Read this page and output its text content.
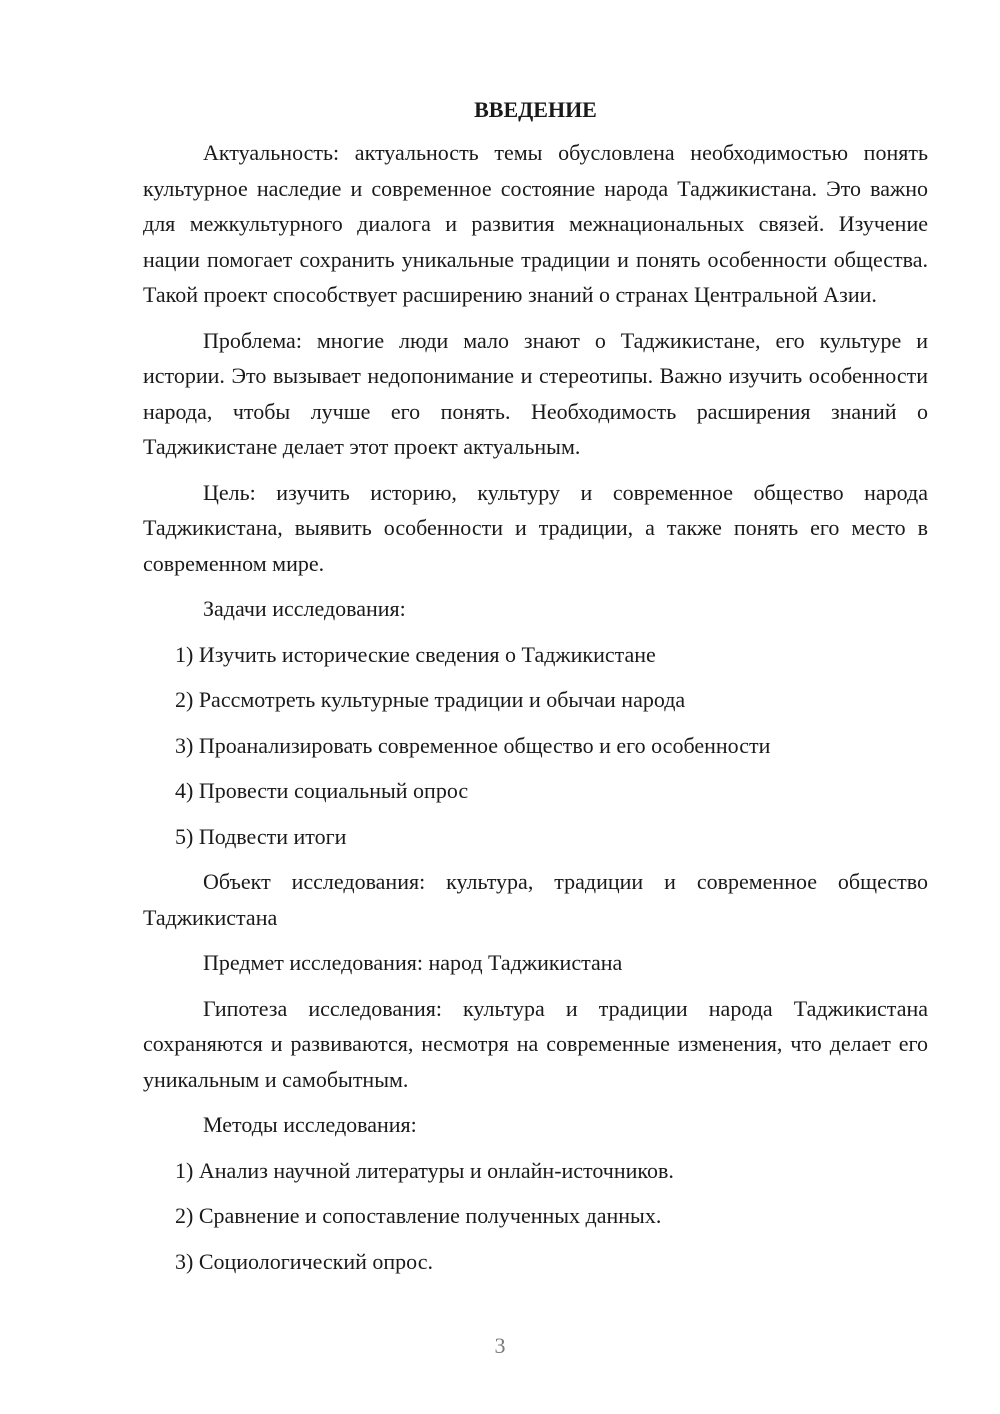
ВВЕДЕНИЕ

Актуальность: актуальность темы обусловлена необходимостью понять культурное наследие и современное состояние народа Таджикистана. Это важно для межкультурного диалога и развития межнациональных связей. Изучение нации помогает сохранить уникальные традиции и понять особенности общества. Такой проект способствует расширению знаний о странах Центральной Азии.

Проблема: многие люди мало знают о Таджикистане, его культуре и истории. Это вызывает недопонимание и стереотипы. Важно изучить особенности народа, чтобы лучше его понять. Необходимость расширения знаний о Таджикистане делает этот проект актуальным.

Цель: изучить историю, культуру и современное общество народа Таджикистана, выявить особенности и традиции, а также понять его место в современном мире.

Задачи исследования:

1) Изучить исторические сведения о Таджикистане
2) Рассмотреть культурные традиции и обычаи народа
3) Проанализировать современное общество и его особенности
4) Провести социальный опрос
5) Подвести итоги

Объект исследования: культура, традиции и современное общество Таджикистана

Предмет исследования: народ Таджикистана

Гипотеза исследования: культура и традиции народа Таджикистана сохраняются и развиваются, несмотря на современные изменения, что делает его уникальным и самобытным.

Методы исследования:

1) Анализ научной литературы и онлайн-источников.
2) Сравнение и сопоставление полученных данных.
3) Социологический опрос.
3
